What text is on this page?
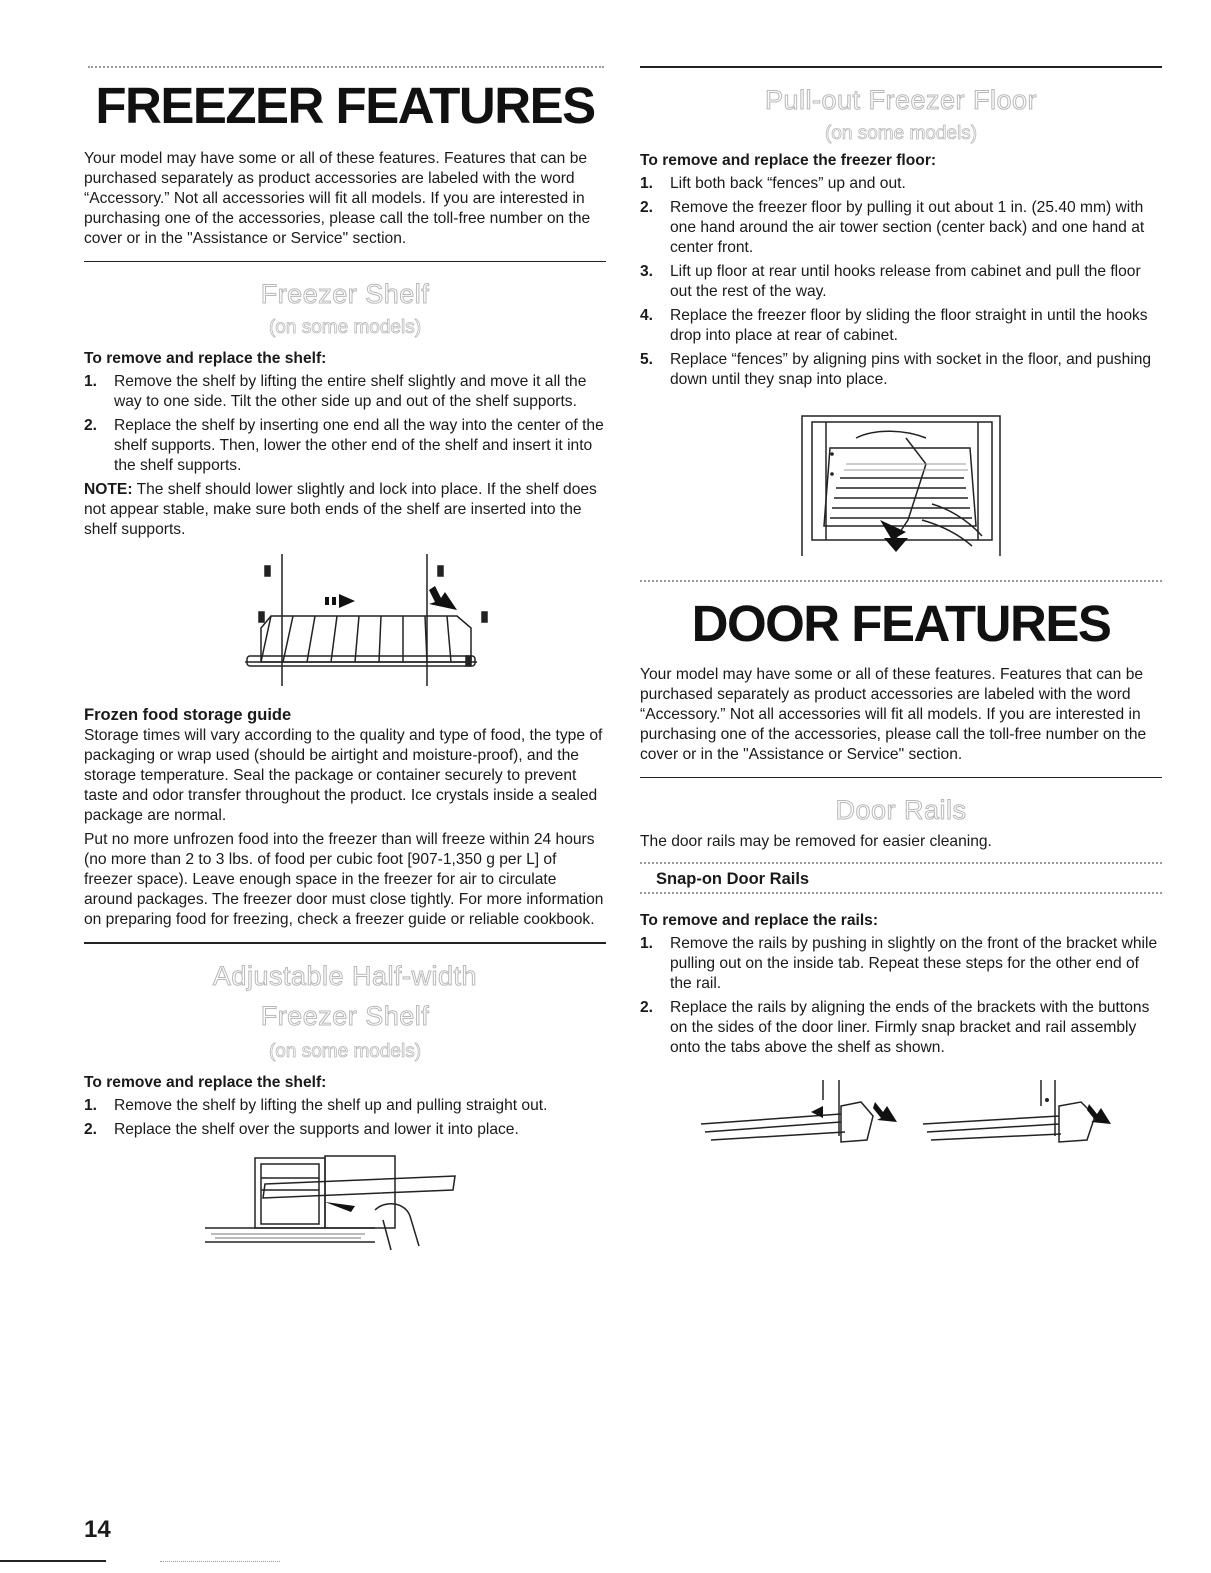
FREEZER FEATURES

Your model may have some or all of these features. Features that can be purchased separately as product accessories are labeled with the word “Accessory.” Not all accessories will fit all models. If you are interested in purchasing one of the accessories, please call the toll-free number on the cover or in the "Assistance or Service" section.

Freezer Shelf
(on some models)

To remove and replace the shelf:

1.	Remove the shelf by lifting the entire shelf slightly and move it all the way to one side. Tilt the other side up and out of the shelf supports.
2.	Replace the shelf by inserting one end all the way into the center of the shelf supports. Then, lower the other end of the shelf and insert it into the shelf supports.

NOTE: The shelf should lower slightly and lock into place. If the shelf does not appear stable, make sure both ends of the shelf are inserted into the shelf supports.

Frozen food storage guide

Storage times will vary according to the quality and type of food, the type of packaging or wrap used (should be airtight and moisture-proof), and the storage temperature. Seal the package or container securely to prevent taste and odor transfer throughout the product. Ice crystals inside a sealed package are normal.

Put no more unfrozen food into the freezer than will freeze within 24 hours (no more than 2 to 3 lbs. of food per cubic foot [907-1,350 g per L] of freezer space). Leave enough space in the freezer for air to circulate around packages. The freezer door must close tightly. For more information on preparing food for freezing, check a freezer guide or reliable cookbook.

Adjustable Half-width
Freezer Shelf
(on some models)

To remove and replace the shelf:

1.	Remove the shelf by lifting the shelf up and pulling straight out.
2.	Replace the shelf over the supports and lower it into place.
Pull-out Freezer Floor
(on some models)

To remove and replace the freezer floor:

1.	Lift both back “fences” up and out.
2.	Remove the freezer floor by pulling it out about 1 in. (25.40 mm) with one hand around the air tower section (center back) and one hand at center front.
3.	Lift up floor at rear until hooks release from cabinet and pull the floor out the rest of the way.
4.	Replace the freezer floor by sliding the floor straight in until the hooks drop into place at rear of cabinet.
5.	Replace “fences” by aligning pins with socket in the floor, and pushing down until they snap into place.
DOOR FEATURES

Your model may have some or all of these features. Features that can be purchased separately as product accessories are labeled with the word “Accessory.” Not all accessories will fit all models. If you are interested in purchasing one of the accessories, please call the toll-free number on the cover or in the "Assistance or Service" section.

Door Rails

The door rails may be removed for easier cleaning.

Snap-on Door Rails

To remove and replace the rails:

1.	Remove the rails by pushing in slightly on the front of the bracket while pulling out on the inside tab. Repeat these steps for the other end of the rail.
2.	Replace the rails by aligning the ends of the brackets with the buttons on the sides of the door liner. Firmly snap bracket and rail assembly onto the tabs above the shelf as shown.
14
